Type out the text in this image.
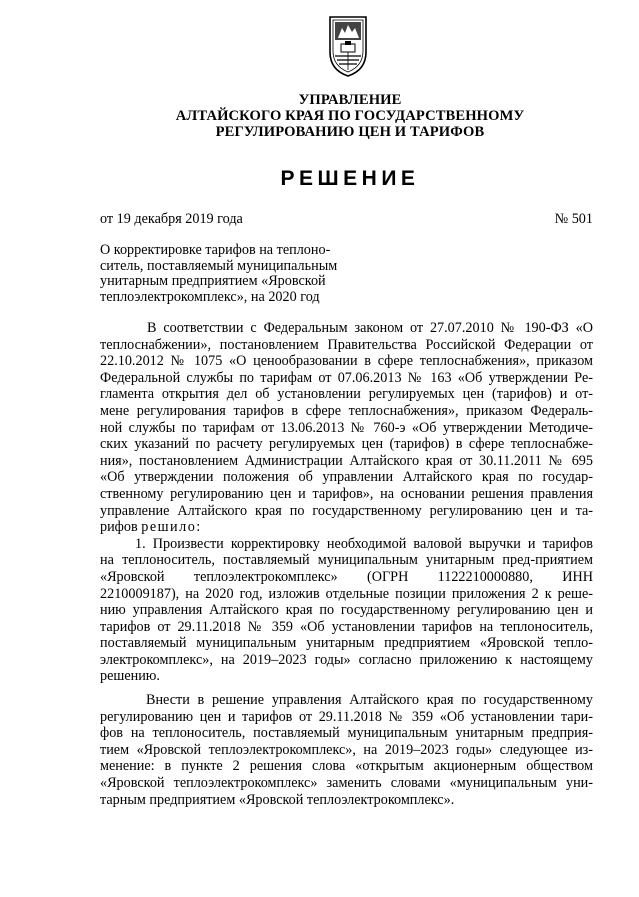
УПРАВЛЕНИЕ
АЛТАЙСКОГО КРАЯ ПО ГОСУДАРСТВЕННОМУ
РЕГУЛИРОВАНИЮ ЦЕН И ТАРИФОВ
РЕШЕНИЕ
от 19 декабря 2019 года	№ 501
О корректировке тарифов на теплоно-
ситель, поставляемый муниципальным
унитарным предприятием «Яровской
теплоэлектрокомплекс», на 2020 год
В соответствии с Федеральным законом от 27.07.2010 № 190-ФЗ «О
теплоснабжении», постановлением Правительства Российской Федерации от
22.10.2012 № 1075 «О ценообразовании в сфере теплоснабжения», приказом
Федеральной службы по тарифам от 07.06.2013 № 163 «Об утверждении Ре-
гламента открытия дел об установлении регулируемых цен (тарифов) и от-
мене регулирования тарифов в сфере теплоснабжения», приказом Федераль-
ной службы по тарифам от 13.06.2013 № 760-э «Об утверждении Методиче-
ских указаний по расчету регулируемых цен (тарифов) в сфере теплоснабже-
ния», постановлением Администрации Алтайского края от 30.11.2011 № 695
«Об утверждении положения об управлении Алтайского края по государ-
ственному регулированию цен и тарифов», на основании решения правления
управление Алтайского края по государственному регулированию цен и та-
рифов решило:
1. Произвести корректировку необходимой валовой выручки и тарифов
на теплоноситель, поставляемый муниципальным унитарным пред-приятием
«Яровской теплоэлектрокомплекс» (ОГРН 1122210000880, ИНН
2210009187), на 2020 год, изложив отдельные позиции приложения 2 к реше-
нию управления Алтайского края по государственному регулированию цен и
тарифов от 29.11.2018 № 359 «Об установлении тарифов на теплоноситель,
поставляемый муниципальным унитарным предприятием «Яровской тепло-
электрокомплекс», на 2019–2023 годы» согласно приложению к настоящему
решению.
Внести в решение управления Алтайского края по государственному
регулированию цен и тарифов от 29.11.2018 № 359 «Об установлении тари-
фов на теплоноситель, поставляемый муниципальным унитарным предприя-
тием «Яровской теплоэлектрокомплекс», на 2019–2023 годы» следующее из-
менение: в пункте 2 решения слова «открытым акционерным обществом
«Яровской теплоэлектрокомплекс» заменить словами «муниципальным уни-
тарным предприятием «Яровской теплоэлектрокомплекс».
